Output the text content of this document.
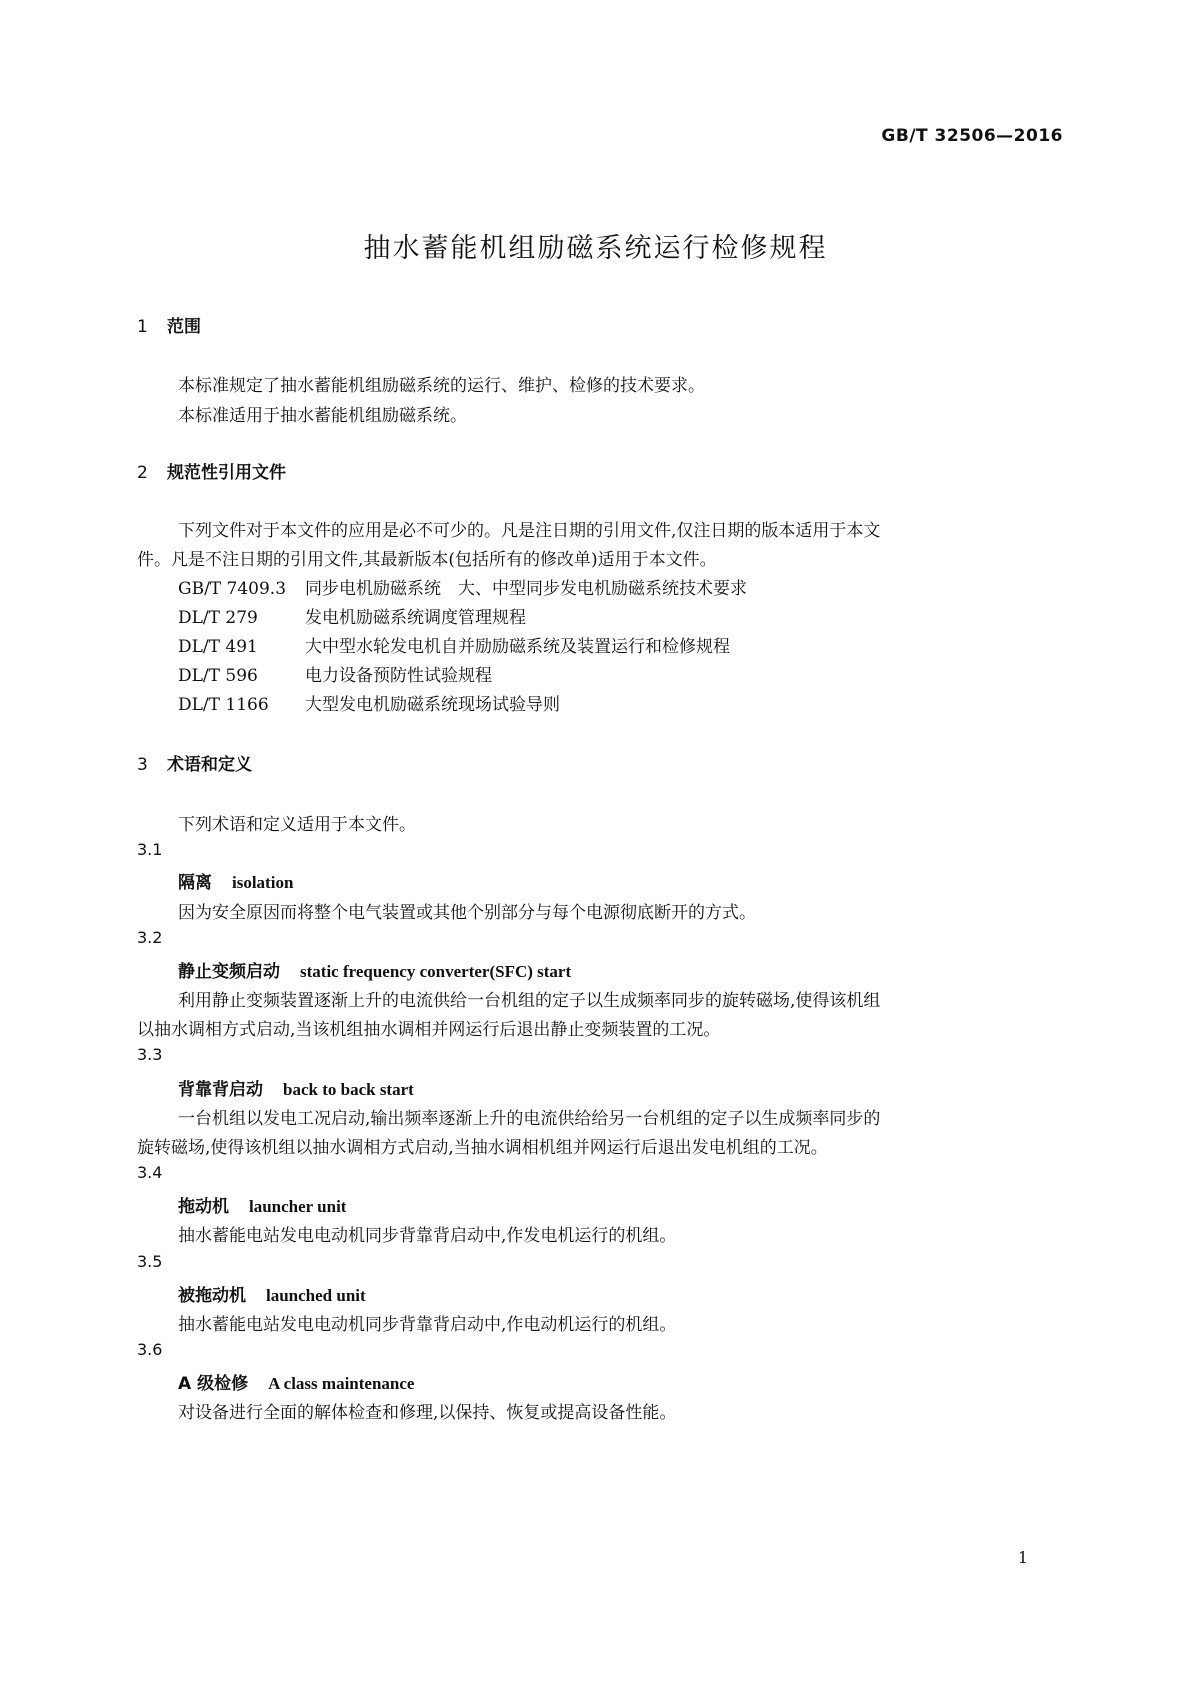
GB/T 32506—2016
抽水蓄能机组励磁系统运行检修规程
1 范围
本标准规定了抽水蓄能机组励磁系统的运行、维护、检修的技术要求。
本标准适用于抽水蓄能机组励磁系统。
2 规范性引用文件
下列文件对于本文件的应用是必不可少的。凡是注日期的引用文件,仅注日期的版本适用于本文
件。凡是不注日期的引用文件,其最新版本(包括所有的修改单)适用于本文件。
GB/T 7409.3 同步电机励磁系统　大、中型同步发电机励磁系统技术要求
DL/T 279	发电机励磁系统调度管理规程
DL/T 491	大中型水轮发电机自并励励磁系统及装置运行和检修规程
DL/T 596	电力设备预防性试验规程
DL/T 1166 大型发电机励磁系统现场试验导则
3 术语和定义
下列术语和定义适用于本文件。
3.1
隔离 isolation
因为安全原因而将整个电气装置或其他个别部分与每个电源彻底断开的方式。
3.2
静止变频启动 static frequency converter(SFC) start
利用静止变频装置逐渐上升的电流供给一台机组的定子以生成频率同步的旋转磁场,使得该机组
以抽水调相方式启动,当该机组抽水调相并网运行后退出静止变频装置的工况。
3.3
背靠背启动 back to back start
一台机组以发电工况启动,输出频率逐渐上升的电流供给给另一台机组的定子以生成频率同步的
旋转磁场,使得该机组以抽水调相方式启动,当抽水调相机组并网运行后退出发电机组的工况。
3.4
拖动机 launcher unit
抽水蓄能电站发电电动机同步背靠背启动中,作发电机运行的机组。
3.5
被拖动机 launched unit
抽水蓄能电站发电电动机同步背靠背启动中,作电动机运行的机组。
3.6
A 级检修 A class maintenance
对设备进行全面的解体检查和修理,以保持、恢复或提高设备性能。
1
